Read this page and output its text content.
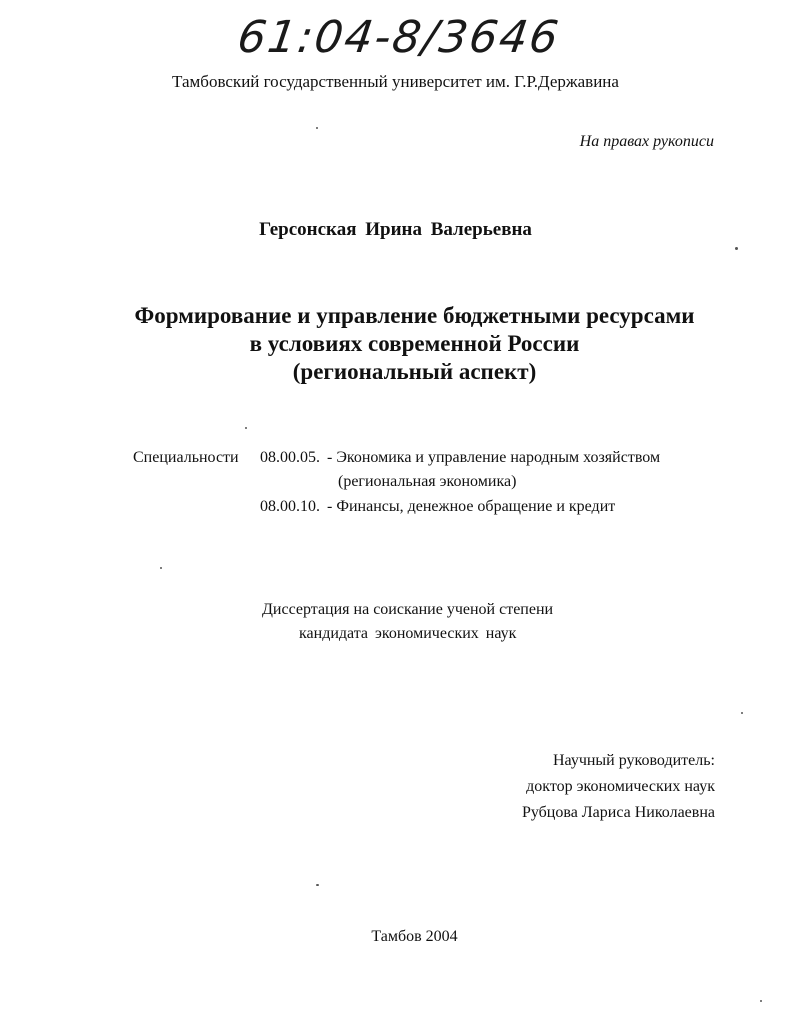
61:04-8/3646
Тамбовский государственный университет им. Г.Р.Державина
На правах рукописи
Герсонская Ирина Валерьевна
Формирование и управление бюджетными ресурсами
в условиях современной России
(региональный аспект)
Специальности 08.00.05. - Экономика и управление народным хозяйством
(региональная экономика)
08.00.10. - Финансы, денежное обращение и кредит
Диссертация на соискание ученой степени
кандидата экономических наук
Научный руководитель:
доктор экономических наук
Рубцова Лариса Николаевна
Тамбов 2004
